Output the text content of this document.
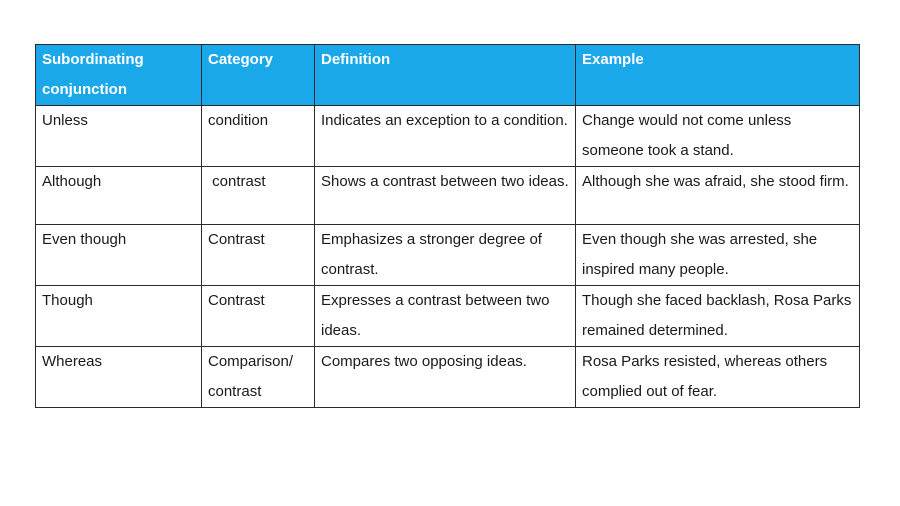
Subordinating conjunction	Category	Definition	Example
Unless	condition	Indicates an exception to a condition.	Change would not come unless someone took a stand.
Although	contrast	Shows a contrast between two ideas.	Although she was afraid, she stood firm.
Even though	Contrast	Emphasizes a stronger degree of contrast.	Even though she was arrested, she inspired many people.
Though	Contrast	Expresses a contrast between two ideas.	Though she faced backlash, Rosa Parks remained determined.
Whereas	Comparison/ contrast	Compares two opposing ideas.	Rosa Parks resisted, whereas others complied out of fear.
